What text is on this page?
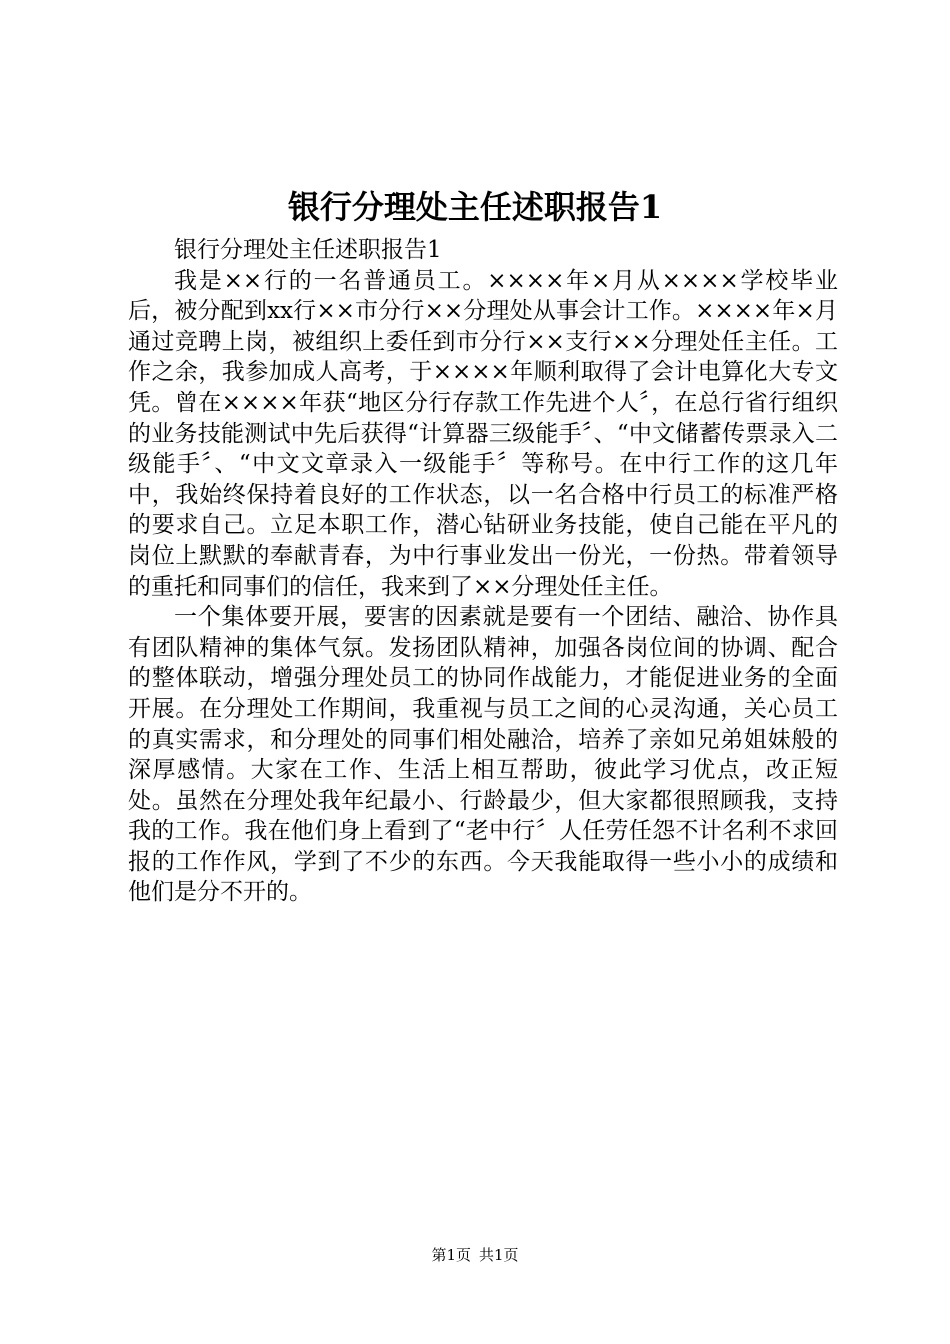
银行分理处主任述职报告1

银行分理处主任述职报告1

我是××行的一名普通员工。××××年×月从××××学校毕业后，被分配到xx行××市分行××分理处从事会计工作。××××年×月通过竞聘上岗，被组织上委任到市分行××支行××分理处任主任。工作之余，我参加成人高考，于××××年顺利取得了会计电算化大专文凭。曾在××××年获“地区分行存款工作先进个人〞，在总行省行组织的业务技能测试中先后获得“计算器三级能手〞、“中文储蓄传票录入二级能手〞、“中文文章录入一级能手〞等称号。在中行工作的这几年中，我始终保持着良好的工作状态，以一名合格中行员工的标准严格的要求自己。立足本职工作，潜心钻研业务技能，使自己能在平凡的岗位上默默的奉献青春，为中行事业发出一份光，一份热。带着领导的重托和同事们的信任，我来到了××分理处任主任。

一个集体要开展，要害的因素就是要有一个团结、融洽、协作具有团队精神的集体气氛。发扬团队精神，加强各岗位间的协调、配合的整体联动，增强分理处员工的协同作战能力，才能促进业务的全面开展。在分理处工作期间，我重视与员工之间的心灵沟通，关心员工的真实需求，和分理处的同事们相处融洽，培养了亲如兄弟姐妹般的深厚感情。大家在工作、生活上相互帮助，彼此学习优点，改正短处。虽然在分理处我年纪最小、行龄最少，但大家都很照顾我，支持我的工作。我在他们身上看到了“老中行〞人任劳任怨不计名利不求回报的工作作风，学到了不少的东西。今天我能取得一些小小的成绩和他们是分不开的。

第1页 共1页
